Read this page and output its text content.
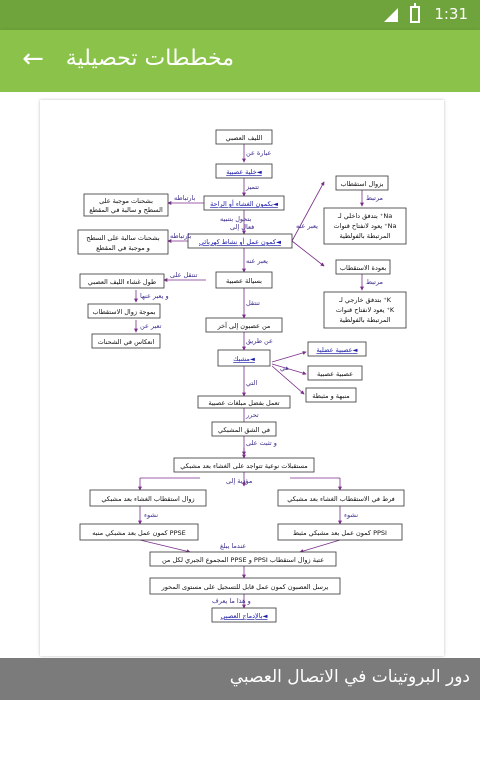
1:31
← مخططات تحصيلية
الليف العصبي
خلية عصبية◄
بكمون الغشاء أو الراحة◄
كمون عمل أو نشاط كهربائي◄
بسيالة عصبية
من عصبون إلى آخر
مشبك◄
عصبية عضلية◄
عصبية عصبية
منبهة و مثبطة
تعمل بفضل مبلغات عصبية
في الشق المشبكي
مستقبلات نوعية تتواجد على الغشاء بعد مشبكي
زوال استقطاب الغشاء بعد مشبكي	فرط في الاستقطاب الغشاء بعد مشبكي
كمون عمل بعد مشبكي منبه PPSE	كمون عمل بعد مشبكي مثبط PPSI
المجموع الجبري لكل من PPSE و PPSI عتبة زوال استقطاب
يرسل العصبون كمون عمل قابل للتسجيل على مستوى المحور
بالإدماج العصبي◄
بشحنات موجبة على
السطح و سالبة في المقطع
بشحنات سالبة على السطح
و موجبة في المقطع
طول غشاء الليف العصبي
بموجة زوال الاستقطاب
انعكاس في الشحنات
بزوال استقطاب
بتدفق داخلي لـ ⁺Na
يعود لانفتاح قنوات ⁺Na
المرتبطة بالفولطية
بعودة الاستقطاب
بتدفق خارجي لـ ⁺K
يعود لانفتاح قنوات ⁺K
المرتبطة بالفولطية
عبارة عن
تتميز
بتحول بتنبيه
فعال إلى
يعبر عنه
تنتقل على
و يعبر عنها
تعبر عن
تنتقل
عن طريق
هي
التي
تحرر
و تثبت على
مؤدية إلى
نشوء	نشوء
عندما يبلغ
و هذا ما يعرف
بارتباطه
بارتباطه
يعبر عنه
مرتبط
مرتبط
دور البروتينات في الاتصال العصبي
